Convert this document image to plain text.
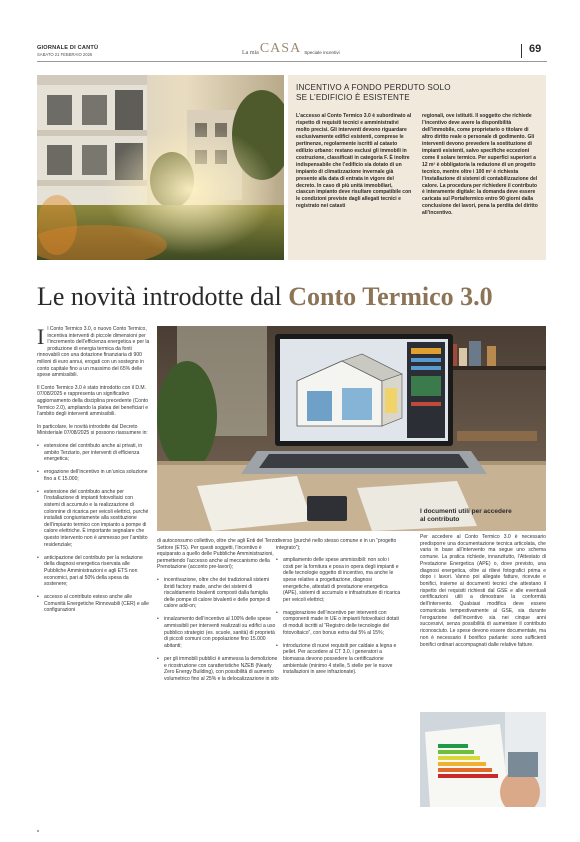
GIORNALE DI CANTÙ
SABATO 21 FEBBRAIO 2026	La mia CASA Speciale incentivi	69
INCENTIVO A FONDO PERDUTO SOLO
SE L’EDIFICIO È ESISTENTE
L’accesso al Conto Termico 3.0 è subordinato al rispetto di requisiti tecnici e amministrativi molto precisi. Gli interventi devono riguardare esclusivamente edifici esistenti, comprese le pertinenze, regolarmente iscritti al catasto edilizio urbano: restano esclusi gli immobili in costruzione, classificati in categoria F. È inoltre indispensabile che l’edificio sia dotato di un impianto di climatizzazione invernale già presente alla data di entrata in vigore del decreto. In caso di più unità immobiliari, ciascun impianto deve risultare compatibile con le condizioni previste dagli allegati tecnici e registrato nei catasti
regionali, ove istituiti. Il soggetto che richiede l’incentivo deve avere la disponibilità dell’immobile, come proprietario o titolare di altro diritto reale o personale di godimento. Gli interventi devono prevedere la sostituzione di impianti esistenti, salvo specifiche eccezioni come il solare termico. Per superfici superiori a 12 m² è obbligatoria la redazione di un progetto tecnico, mentre oltre i 100 m² è richiesta l’installazione di sistemi di contabilizzazione del calore. La procedura per richiedere il contributo è interamente digitale: la domanda deve essere caricata sul Portaltermico entro 90 giorni dalla conclusione dei lavori, pena la perdita del diritto all’incentivo.
Le novità introdotte dal Conto Termico 3.0

Il Conto Termico 3.0, o nuovo Conto Termico, incentiva interventi di piccole dimensioni per l’incremento dell’efficienza energetica e per la produzione di energia termica da fonti rinnovabili con una dotazione finanziaria di 900 milioni di euro annui, erogati con un sostegno in conto capitale fino a un massimo del 65% delle spese ammissibili.

Il Conto Termico 3.0 è stato introdotto con il D.M. 07/08/2025 e rappresenta un significativo aggiornamento della disciplina precedente (Conto Termico 2.0), ampliando la platea dei beneficiari e l’ambito degli interventi ammissibili.

In particolare, le novità introdotte dal Decreto Ministeriale 07/08/2025 si possono riassumere in:

• estensione del contributo anche ai privati, in ambito Terziario, per interventi di efficienza energetica;
• erogazione dell’incentivo in un’unica soluzione fino a € 15.000;
• estensione del contributo anche per l’installazione di impianti fotovoltaici con sistemi di accumulo e la realizzazione di colonnine di ricarica per veicoli elettrici, purché installati congiuntamente alla sostituzione dell’impianto termico con impianto a pompe di calore elettriche. È importante segnalare che questo intervento non è ammesso per l’ambito residenziale;
• anticipazione del contributo per la redazione della diagnosi energetica riservata alle Pubbliche Amministrazioni e agli ETS non economici, pari al 50% della spesa da sostenere;
• accesso al contributo esteso anche alle Comunità Energetiche Rinnovabili (CER) e alle configurazioni

di autoconsumo collettivo, oltre che agli Enti del Terzo Settore (ETS). Per questi soggetti, l’incentivo è equiparato a quello delle Pubbliche Amministrazioni, permettendo l’accesso anche al meccanismo della Prenotazione (acconto pre-lavori);

• incentivazione, oltre che dei tradizionali sistemi ibridi factory made, anche dei sistemi di riscaldamento bivalenti composti dalla famiglia delle pompe di calore bivalenti e delle pompe di calore add-on;
• innalzamento dell’incentivo al 100% delle spese ammissibili per interventi realizzati su edifici a uso pubblico strategici (es. scuole, sanità) di proprietà di piccoli comuni con popolazione fino 15.000 abitanti;
• per gli immobili pubblici è ammessa la demolizione e ricostruzione con caratteristiche NZEB (Nearly Zero Energy Building), con possibilità di aumento volumetrico fino al 25% e la delocalizzazione in sito

diverso (purché nello stesso comune e in un “progetto integrato”);

• ampliamento delle spese ammissibili: non solo i costi per la fornitura e posa in opera degli impianti e delle tecnologie oggetto di incentivo, ma anche le spese relative a progettazione, diagnosi energetiche, attestati di prestazione energetica (APE), sistemi di accumulo e infrastrutture di ricarica per veicoli elettrici;
• maggiorazione dell’incentivo per interventi con componenti made in UE o impianti fotovoltaici dotati di moduli iscritti al “Registro delle tecnologie del fotovoltaico”, con bonus extra dal 5% al 15%;
• introduzione di nuovi requisiti per caldaie a legna e pellet. Per accedere al CT 3.0, i generatori a biomassa devono possedere la certificazione ambientale (minimo 4 stelle, 5 stelle per le nuove installazioni in aree infrazionate).
I documenti utili per accedere
al contributo
Per accedere al Conto Termico 3.0 è necessario predisporre una documentazione tecnica articolata, che varia in base all’intervento ma segue uno schema comune. La pratica richiede, innanzitutto, l’Attestato di Prestazione Energetica (APE) o, dove previsto, una diagnosi energetica, oltre ai rilievi fotografici prima e dopo i lavori. Vanno poi allegate fatture, ricevute e bonifici, insieme ai documenti tecnici che attestano il rispetto dei requisiti richiesti dal GSE e alle eventuali certificazioni utili a dimostrare la conformità dell’intervento. Qualsiasi modifica deve essere comunicata tempestivamente al GSE, sia durante l’erogazione dell’incentivo sia nei cinque anni successivi, senza possibilità di aumentare il contributo riconosciuto. Le spese devono essere documentate, ma non è necessario il bonifico parlante: sono sufficienti bonifici ordinari accompagnati dalle relative fatture.
